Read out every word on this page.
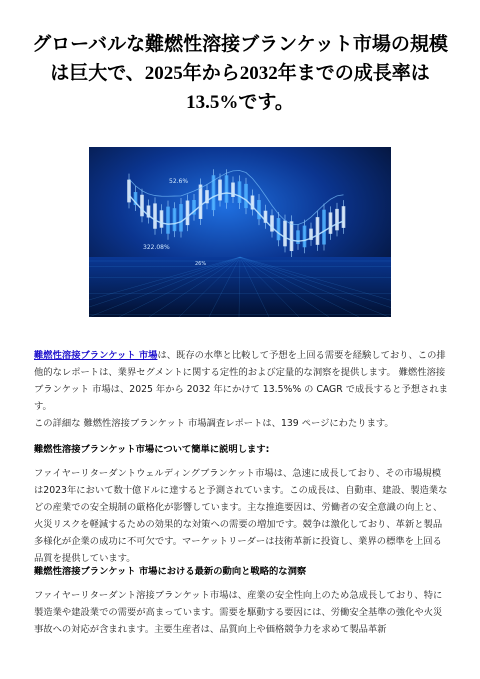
グローバルな難燃性溶接ブランケット市場の規模は巨大で、2025年から2032年までの成長率は13.5%です。
52.6%
322.08%
26%

難燃性溶接ブランケット 市場は、既存の水準と比較して予想を上回る需要を経験しており、この排他的なレポートは、業界セグメントに関する定性的および定量的な洞察を提供します。 難燃性溶接ブランケット 市場は、2025 年から 2032 年にかけて 13.5%% の CAGR で成長すると予想されます。

この詳細な 難燃性溶接ブランケット 市場調査レポートは、139 ページにわたります。

難燃性溶接ブランケット市場について簡単に説明します:

ファイヤーリターダントウェルディングブランケット市場は、急速に成長しており、その市場規模は2023年において数十億ドルに達すると予測されています。この成長は、自動車、建設、製造業などの産業での安全規制の厳格化が影響しています。主な推進要因は、労働者の安全意識の向上と、火災リスクを軽減するための効果的な対策への需要の増加です。競争は激化しており、革新と製品多様化が企業の成功に不可欠です。マーケットリーダーは技術革新に投資し、業界の標準を上回る品質を提供しています。

難燃性溶接ブランケット 市場における最新の動向と戦略的な洞察

ファイヤーリターダント溶接ブランケット市場は、産業の安全性向上のため急成長しており、特に製造業や建設業での需要が高まっています。需要を駆動する要因には、労働安全基準の強化や火災事故への対応が含まれます。主要生産者は、品質向上や価格競争力を求めて製品革新
